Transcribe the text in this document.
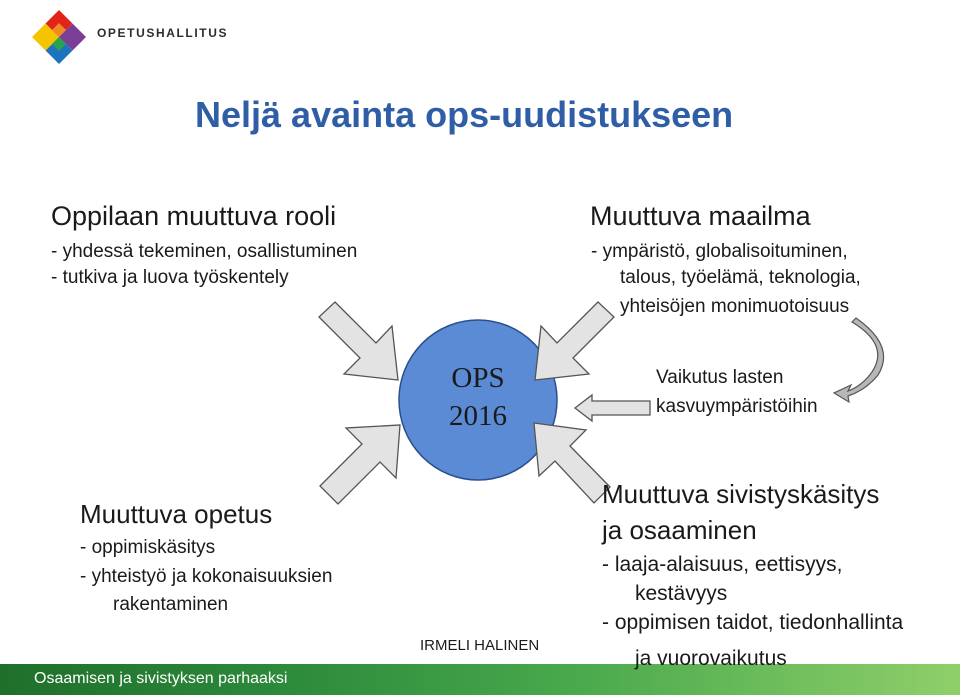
OPETUSHALLITUS
Neljä avainta ops-uudistukseen
OPS
2016
Oppilaan muuttuva rooli
- yhdessä tekeminen, osallistuminen
- tutkiva ja luova työskentely
Muuttuva maailma
- ympäristö, globalisoituminen,
talous, työelämä, teknologia,
yhteisöjen monimuotoisuus
Vaikutus lasten
kasvuympäristöihin
Muuttuva opetus
- oppimiskäsitys
- yhteistyö ja kokonaisuuksien
rakentaminen
Muuttuva sivistyskäsitys
ja osaaminen
- laaja-alaisuus, eettisyys,
kestävyys
- oppimisen taidot, tiedonhallinta
Osaamisen ja sivistyksen parhaaksi
IRMELI HALINEN
ja vuorovaikutus
